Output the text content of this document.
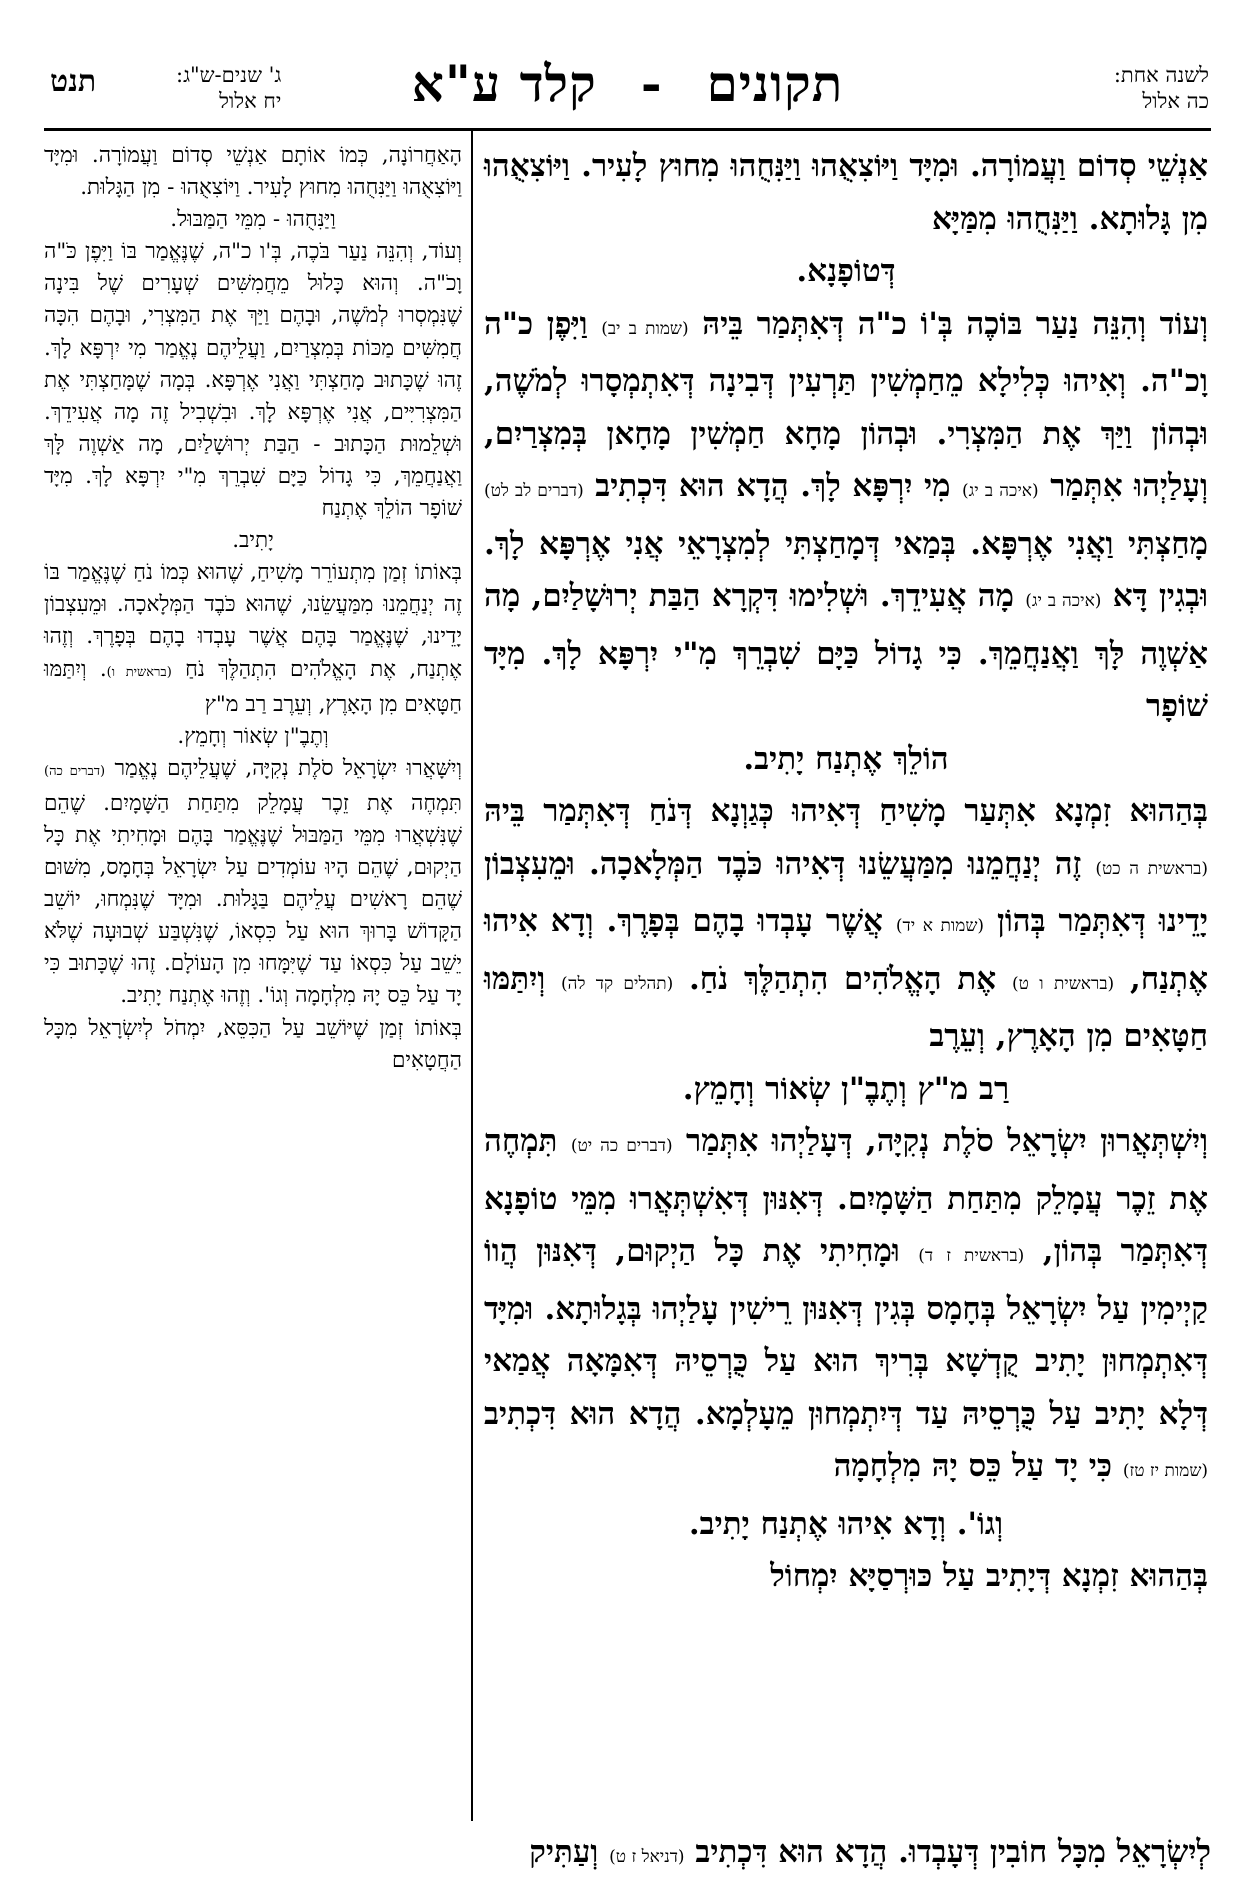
לשנה אחת:
כה אלול
תקונים-קלד ע"א
ג' שנים-ש"ג:
יח אלול
תנט

אַנְשֵׁי סְדוֹם וַעֲמוֹרָה. וּמִיָּד וַיּוֹצִאֻהוּ וַיַּנִּחֻהוּ מִחוּץ לָעִיר. וַיּוֹצִאֻהוּ מִן גָּלוּתָא. וַיַּנִּחֻהוּ מִמַּיָּא

דְּטוֹפָנָא.

וְעוֹד וְהִנֵּה נַעַר בּוֹכֶה בְּ'וֹ כ"ה דְּאִתְּמַר בֵּיהּ (שמות ב יב) וַיִּפֶן כ"ה וָכ"ה. וְאִיהוּ כְּלִילָא מֵחַמְשִׁין תַּרְעִין דְּבִינָה דְּאִתְמְסָרוּ לְמֹשֶׁה, וּבְהוֹן וַיַּךְ אֶת הַמִּצְרִי. וּבְהוֹן מָחָא חַמְשִׁין מָחָאן בְּמִצְרַיִם, וְעָלַיְהוּ אִתְּמַר (איכה ב יג) מִי יִרְפָּא לָךְ. הֲדָא הוּא דִּכְתִיב (דברים לב לט) מָחַצְתִּי וַאֲנִי אֶרְפָּא. בְּמַאי דְּמָחַצְתִּי לְמִצְרָאֵי אֲנִי אֶרְפָּא לָךְ. וּבְגִין דָּא (איכה ב יג) מָה אֲעִידֵךְ. וּשְׁלִימוּ דִּקְרָא הַבַּת יְרוּשָׁלַיִם, מָה אַשְׁוֶה לָּךְ וַאֲנַחֲמֵךְ. כִּי גָדוֹל כַּיָּם שִׁבְרֵךְ מִ"י יִרְפָּא לָךְ. מִיָּד שׁוֹפָר

הוֹלֵךְ אֶתְנַח יָתִיב.

בְּהַהוּא זִמְנָא אִתְּעַר מָשִׁיחַ דְּאִיהוּ כְּגַוְנָא דְּנֹחַ דְּאִתְּמַר בֵּיהּ (בראשית ה כט) זֶה יְנַחֲמֵנוּ מִמַּעֲשֵׂנוּ דְּאִיהוּ כֹּבֶד הַמְּלָאכָה. וּמֵעִצְבוֹן יָדֵינוּ דְּאִתְּמַר בְּהוֹן (שמות א יד) אֲשֶׁר עָבְדוּ בָהֶם בְּפָרֶךְ. וְדָא אִיהוּ אֶתְנַח, (בראשית ו ט) אֶת הָאֱלֹהִים הִתְהַלֶּךְ נֹחַ. (תהלים קד לה) וְיִתַּמּוּ חַטָּאִים מִן הָאָרֶץ, וְעֵרֶב

רַב מ"ץ וְתֶבֶ"ן שְׂאוֹר וְחָמֵץ.

וְיִשְׁתְּאֲרוּן יִשְׂרָאֵל סֹלֶת נְקִיָּה, דְּעָלַיְהוּ אִתְּמַר (דברים כה יט) תִּמְחֶה אֶת זֵכֶר עֲמָלֵק מִתַּחַת הַשָּׁמָיִם. דְּאִנּוּן דְּאִשְׁתְּאֲרוּ מִמֵּי טוֹפָנָא דְּאִתְּמַר בְּהוֹן, (בראשית ז ד) וּמָחִיתִי אֶת כָּל הַיְקוּם, דְּאִנּוּן הֲווֹ קַיְימִין עַל יִשְׂרָאֵל בְּחָמָס בְּגִין דְּאִנּוּן רֵישִׁין עָלַיְהוּ בְּגָלוּתָא. וּמִיָּד דְּאִתְמְחוּן יָתִיב קֻדְשָׁא בְּרִיךְ הוּא עַל כֻּרְסֵיהּ דְּאִמָּאָה אֲמַאי דְּלָא יָתִיב עַל כֻּרְסֵיהּ עַד דְּיִתְמְחוּן מֵעָלְמָא. הֲדָא הוּא דִּכְתִיב (שמות יז טז) כִּי יָד עַל כֵּס יָהּ מִלְחָמָה

וְגוֹ'. וְדָא אִיהוּ אֶתְנַח יָתִיב.

בְּהַהוּא זִמְנָא דְּיָתִיב עַל כּוּרְסַיָּא יִמְחוֹל

הָאַחֲרוֹנָה, כְּמוֹ אוֹתָם אַנְשֵׁי סְדוֹם וַעֲמוֹרָה. וּמִיָּד וַיּוֹצִאֻהוּ וַיַּנִּחֻהוּ מִחוּץ לָעִיר. וַיּוֹצִאֻהוּ - מִן הַגָּלוּת.

וַיַּנִּחֻהוּ - מִמֵּי הַמַּבּוּל.

וְעוֹד, וְהִנֵּה נַעַר בֹּכֶה, בְּ'ו כ"ה, שֶׁנֶּאֱמַר בּוֹ וַיִּפֶן כֹּ"ה וָכֹ"ה. וְהוּא כָּלוּל מֵחֲמִשִּׁים שְׁעָרִים שֶׁל בִּינָה שֶׁנִּמְסְרוּ לְמֹשֶׁה, וּבָהֶם וַיַּךְ אֶת הַמִּצְרִי, וּבָהֶם הִכָּה חֲמִשִּׁים מַכּוֹת בְּמִצְרַיִם, וַעֲלֵיהֶם נֶאֱמַר מִי יִרְפָּא לָךְ. זֶהוּ שֶׁכָּתוּב מָחַצְתִּי וַאֲנִי אֶרְפָּא. בְּמָה שֶׁמָּחַצְתִּי אֶת הַמִּצְרִיִּים, אֲנִי אֶרְפָּא לָךְ. וּבִשְׁבִיל זֶה מָה אֲעִידֵךְ. וּשְׁלֵמוּת הַכָּתוּב - הַבַּת יְרוּשָׁלַיִם, מָה אַשְׁוֶה לָּךְ וַאֲנַחֲמֵךְ, כִּי גָדוֹל כַּיָּם שִׁבְרֵךְ מִ"י יִרְפָּא לָךְ. מִיָּד שׁוֹפָר הוֹלֵךְ אֶתְנַח

יָתִיב.

בְּאוֹתוֹ זְמַן מִתְעוֹרֵר מָשִׁיחַ, שֶׁהוּא כְּמוֹ נֹחַ שֶׁנֶּאֱמַר בּוֹ זֶה יְנַחֲמֵנוּ מִמַּעֲשֵׂנוּ, שֶׁהוּא כֹּבֶד הַמְּלָאכָה. וּמֵעִצְבוֹן יָדֵינוּ, שֶׁנֶּאֱמַר בָּהֶם אֲשֶׁר עָבְדוּ בָהֶם בְּפָרֶךְ. וְזֶהוּ אֶתְנַח, אֶת הָאֱלֹהִים הִתְהַלֶּךְ נֹחַ (בראשית ו). וְיִתַּמּוּ חַטָּאִים מִן הָאָרֶץ, וְעֵרֶב רַב מ"ץ

וְתֶבֶ"ן שְׂאוֹר וְחָמֵץ.

וְיִשָּׁאֲרוּ יִשְׂרָאֵל סֹלֶת נְקִיָּה, שֶׁעֲלֵיהֶם נֶאֱמַר (דברים כה) תִּמְחֶה אֶת זֵכֶר עֲמָלֵק מִתַּחַת הַשָּׁמָיִם. שֶׁהֵם שֶׁנִּשְׁאֲרוּ מִמֵּי הַמַּבּוּל שֶׁנֶּאֱמַר בָּהֶם וּמָחִיתִי אֶת כָּל הַיְקוּם, שֶׁהֵם הָיוּ עוֹמְדִים עַל יִשְׂרָאֵל בְּחָמָס, מִשּׁוּם שֶׁהֵם רָאשִׁים עֲלֵיהֶם בַּגָּלוּת. וּמִיָּד שֶׁנִּמְחוּ, יוֹשֵׁב הַקָּדוֹשׁ בָּרוּךְ הוּא עַל כִּסְאוֹ, שֶׁנִּשְׁבַּע שְׁבוּעָה שֶׁלֹּא יֵשֵׁב עַל כִּסְאוֹ עַד שֶׁיִּמָּחוּ מִן הָעוֹלָם. זֶהוּ שֶׁכָּתוּב כִּי יָד עַל כֵּס יָהּ מִלְחָמָה וְגוֹ'. וְזֶהוּ אֶתְנַח יָתִיב.

בְּאוֹתוֹ זְמַן שֶׁיּוֹשֵׁב עַל הַכִּסֵּא, יִמְחֹל לְיִשְׂרָאֵל מִכָּל הַחֲטָאִים

לְיִשְׂרָאֵל מִכָּל חוֹבִין דְּעָבְדוּ. הֲדָא הוּא דִּכְתִיב (דניאל ז ט) וְעַתִּיק
